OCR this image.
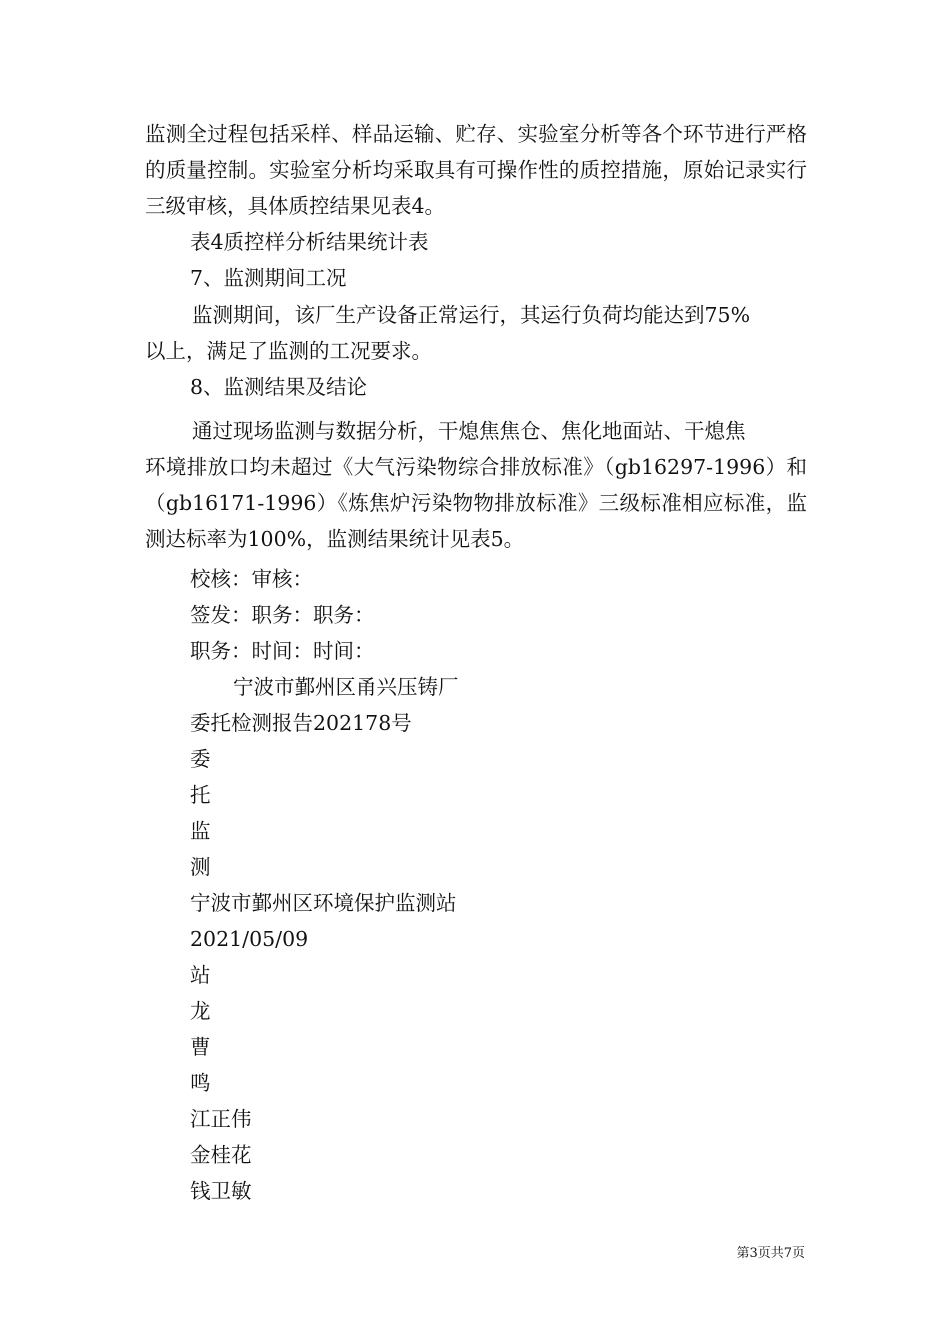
监测全过程包括采样、样品运输、贮存、实验室分析等各个环节进行严格的质量控制。实验室分析均采取具有可操作性的质控措施，原始记录实行三级审核，具体质控结果见表4。

表4质控样分析结果统计表

7、监测期间工况

监测期间，该厂生产设备正常运行，其运行负荷均能达到75%

以上，满足了监测的工况要求。

8、监测结果及结论

通过现场监测与数据分析，干熄焦焦仓、焦化地面站、干熄焦

环境排放口均未超过《大气污染物综合排放标准》（gb16297-1996）和（gb16171-1996）《炼焦炉污染物物排放标准》三级标准相应标准，监测达标率为100%，监测结果统计见表5。

校核：审核：

签发：职务：职务：

职务：时间：时间：

宁波市鄞州区甬兴压铸厂

委托检测报告202178号

委

托

监

测

宁波市鄞州区环境保护监测站

2021/05/09

站

龙

曹

鸣

江正伟

金桂花

钱卫敏

第3页共7页
